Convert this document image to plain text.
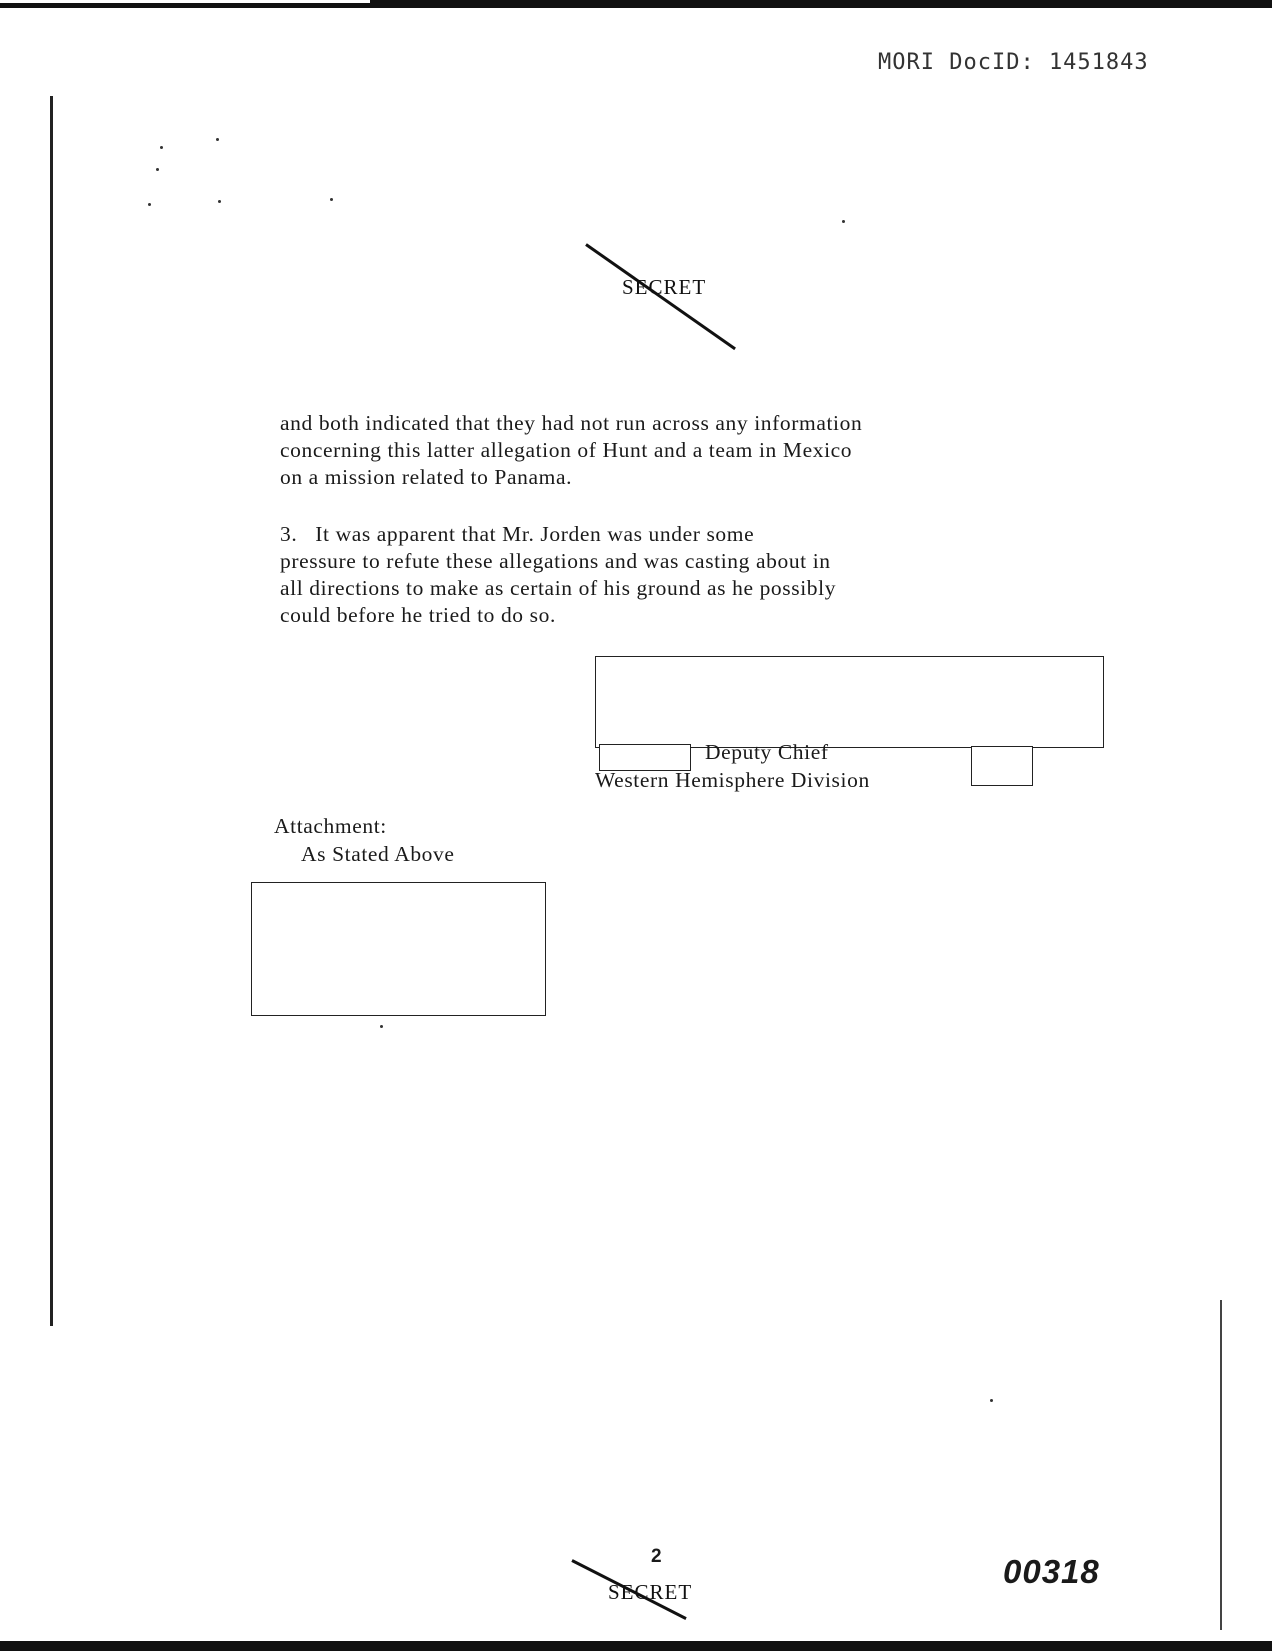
MORI DocID: 1451843
SECRET

and both indicated that they had not run across any information
concerning this latter allegation of Hunt and a team in Mexico
on a mission related to Panama.

3. It was apparent that Mr. Jorden was under some
pressure to refute these allegations and was casting about in
all directions to make as certain of his ground as he possibly
could before he tried to do so.

Deputy Chief
Western Hemisphere Division
Attachment:
As Stated Above
2
SECRET
00318
